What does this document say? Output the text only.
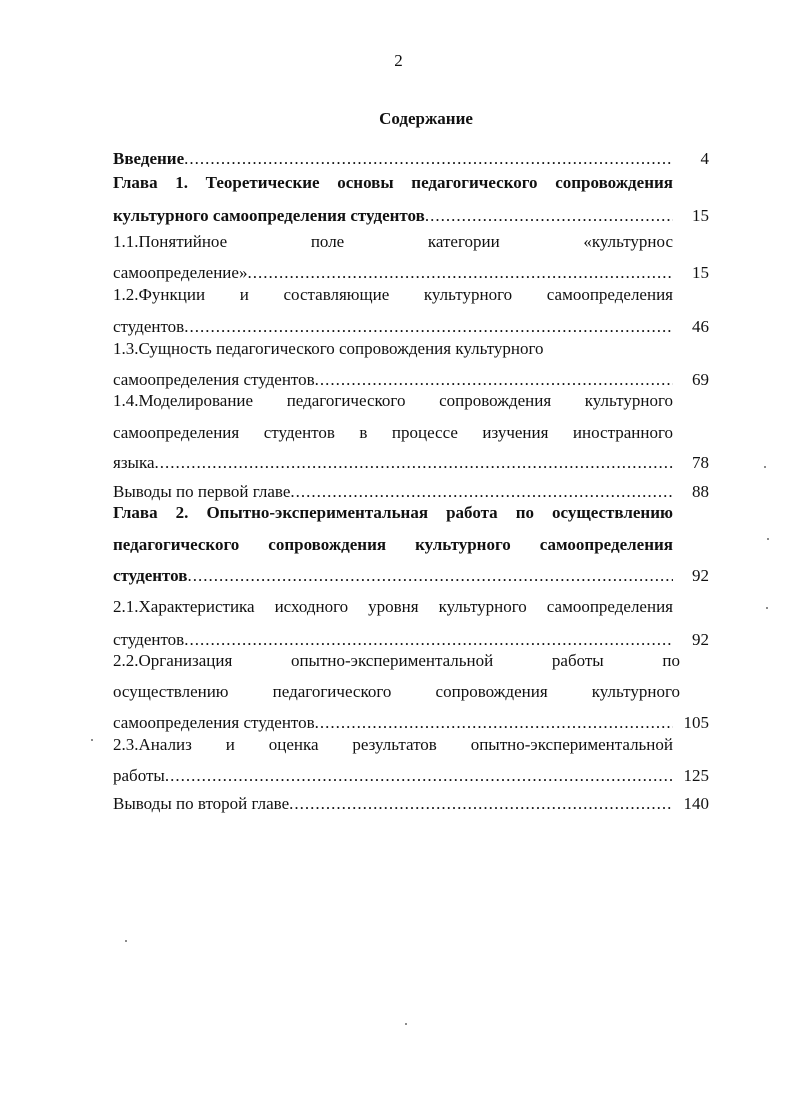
2
Содержание
Введение .....	4
Глава 1. Теоретические основы педагогического сопровождения
культурного самоопределения студентов .....	15
1.1.Понятийное поле категории «культурнос
самоопределение» .....	15
1.2.Функции и составляющие культурного самоопределения
студентов .....	46
1.3.Сущность педагогического сопровождения культурного
самоопределения студентов .....	69
1.4.Моделирование педагогического сопровождения культурного
самоопределения студентов в процессе изучения иностранного
языка .....	78
Выводы по первой главе .....	88
Глава 2. Опытно-экспериментальная работа по осуществлению
педагогического сопровождения культурного самоопределения
студентов .....	92
2.1.Характеристика исходного уровня культурного самоопределения
студентов .....	92
2.2.Организация опытно-экспериментальной работы по
осуществлению педагогического сопровождения культурного
самоопределения студентов .....	105
2.3.Анализ и оценка результатов опытно-экспериментальной
работы .....	125
Выводы по второй главе .....	140
